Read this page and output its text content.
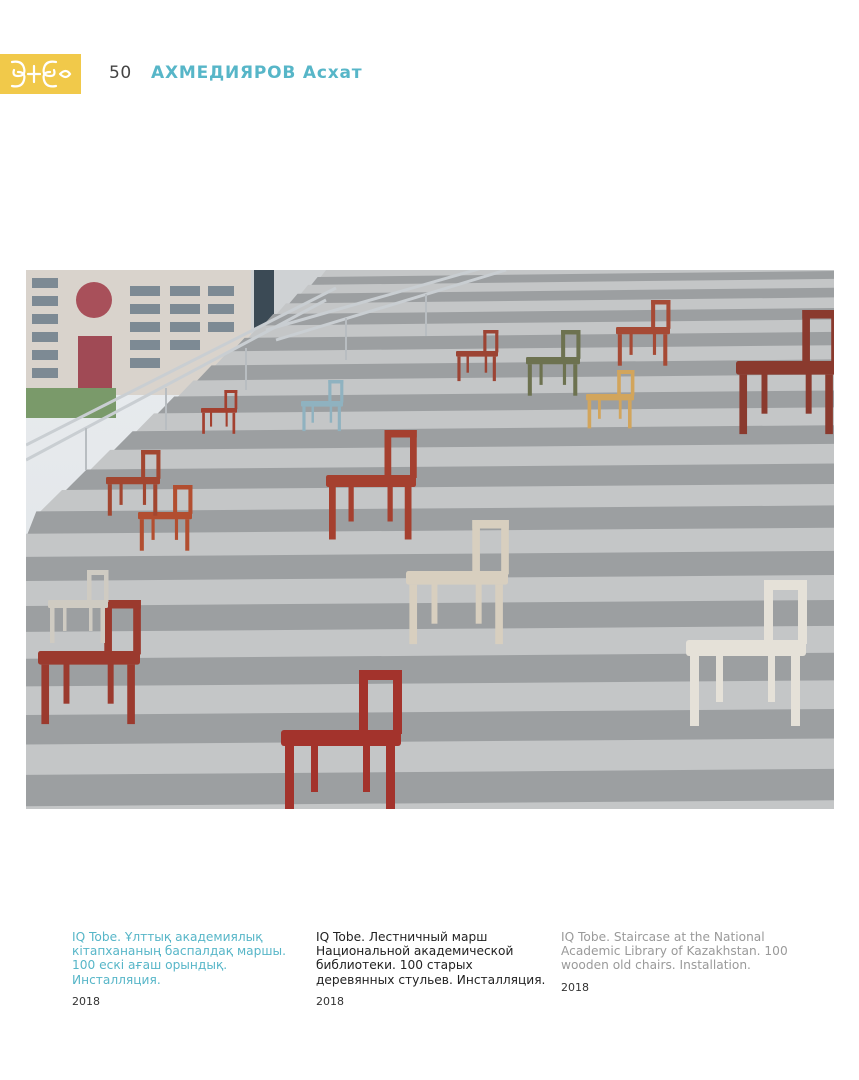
50 АХМЕДИЯРОВ Асхат

IQ Tobe. Ұлттық академиялық кітапхананың баспалдақ маршы. 100 ескі ағаш орындық. Инсталляция.

2018

IQ Tobe. Лестничный марш Национальной академической библиотеки. 100 старых деревянных стульев. Инсталляция.

2018

IQ Tobe. Staircase at the National Academic Library of Kazakhstan. 100 wooden old chairs. Installation.

2018
